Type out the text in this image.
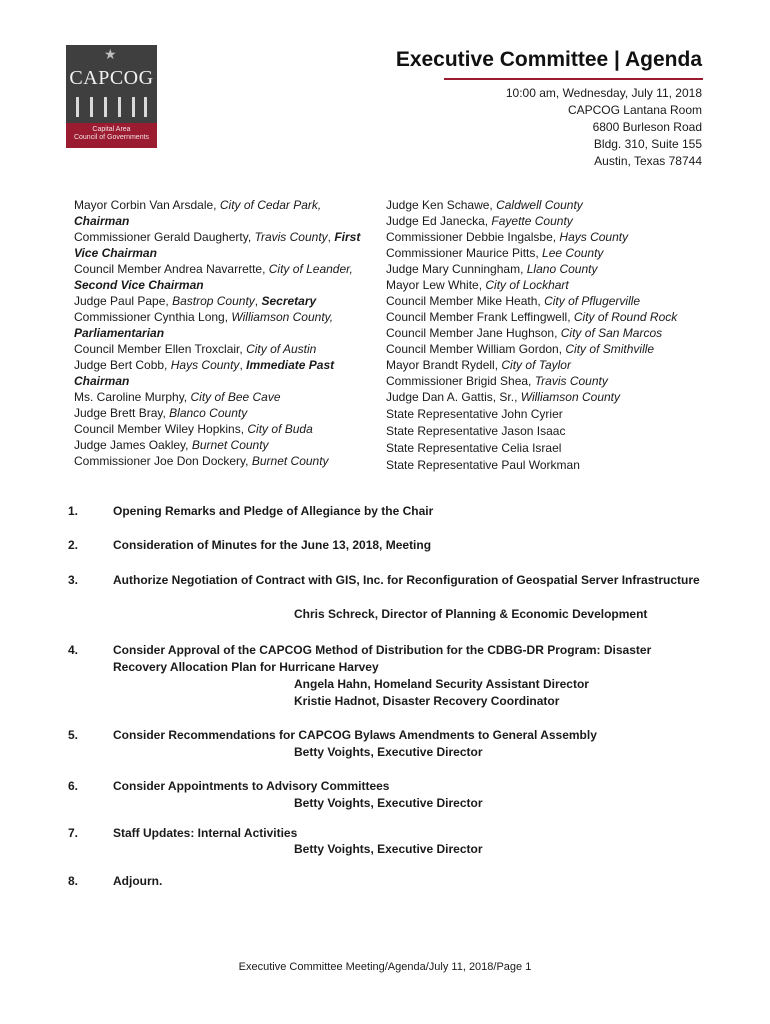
★
CAPCOG
Capital Area
Council of Governments
Executive Committee | Agenda
10:00 am, Wednesday, July 11, 2018
CAPCOG Lantana Room
6800 Burleson Road
Bldg. 310, Suite 155
Austin, Texas 78744
Mayor Corbin Van Arsdale, City of Cedar Park,
Chairman
Commissioner Gerald Daugherty, Travis County, First
Vice Chairman
Council Member Andrea Navarrette, City of Leander,
Second Vice Chairman
Judge Paul Pape, Bastrop County, Secretary
Commissioner Cynthia Long, Williamson County,
Parliamentarian
Council Member Ellen Troxclair, City of Austin
Judge Bert Cobb, Hays County, Immediate Past
Chairman
Ms. Caroline Murphy, City of Bee Cave
Judge Brett Bray, Blanco County
Council Member Wiley Hopkins, City of Buda
Judge James Oakley, Burnet County
Commissioner Joe Don Dockery, Burnet County
Judge Ken Schawe, Caldwell County
Judge Ed Janecka, Fayette County
Commissioner Debbie Ingalsbe, Hays County
Commissioner Maurice Pitts, Lee County
Judge Mary Cunningham, Llano County
Mayor Lew White, City of Lockhart
Council Member Mike Heath, City of Pflugerville
Council Member Frank Leffingwell, City of Round Rock
Council Member Jane Hughson, City of San Marcos
Council Member William Gordon, City of Smithville
Mayor Brandt Rydell, City of Taylor
Commissioner Brigid Shea, Travis County
Judge Dan A. Gattis, Sr., Williamson County
State Representative John Cyrier
State Representative Jason Isaac
State Representative Celia Israel
State Representative Paul Workman
1.	Opening Remarks and Pledge of Allegiance by the Chair
2.	Consideration of Minutes for the June 13, 2018, Meeting
3.	Authorize Negotiation of Contract with GIS, Inc. for Reconfiguration of Geospatial Server Infrastructure
Chris Schreck, Director of Planning & Economic Development
4.	Consider Approval of the CAPCOG Method of Distribution for the CDBG-DR Program: Disaster Recovery Allocation Plan for Hurricane Harvey
Angela Hahn, Homeland Security Assistant Director
Kristie Hadnot, Disaster Recovery Coordinator
5.	Consider Recommendations for CAPCOG Bylaws Amendments to General Assembly
Betty Voights, Executive Director
6.	Consider Appointments to Advisory Committees
Betty Voights, Executive Director
7.	Staff Updates: Internal Activities
Betty Voights, Executive Director
8.	Adjourn.
Executive Committee Meeting/Agenda/July 11, 2018/Page 1
